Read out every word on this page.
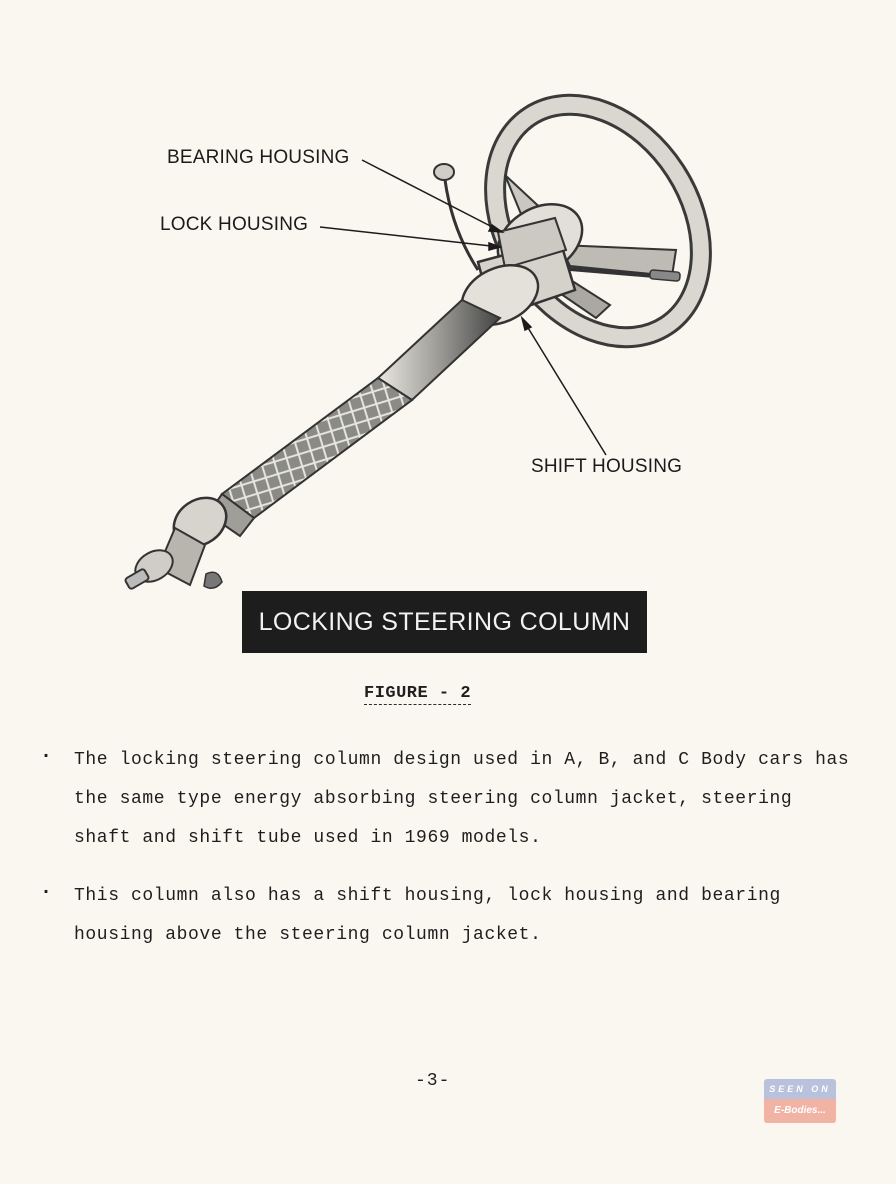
BEARING HOUSING
LOCK HOUSING
SHIFT HOUSING
LOCKING STEERING COLUMN
FIGURE - 2
. The locking steering column design used in A, B, and C Body cars has the same type energy absorbing steering column jacket, steering shaft and shift tube used in 1969 models.
. This column also has a shift housing, lock housing and bearing housing above the steering column jacket.
-3-	SEEN ON
E-Bodies...
